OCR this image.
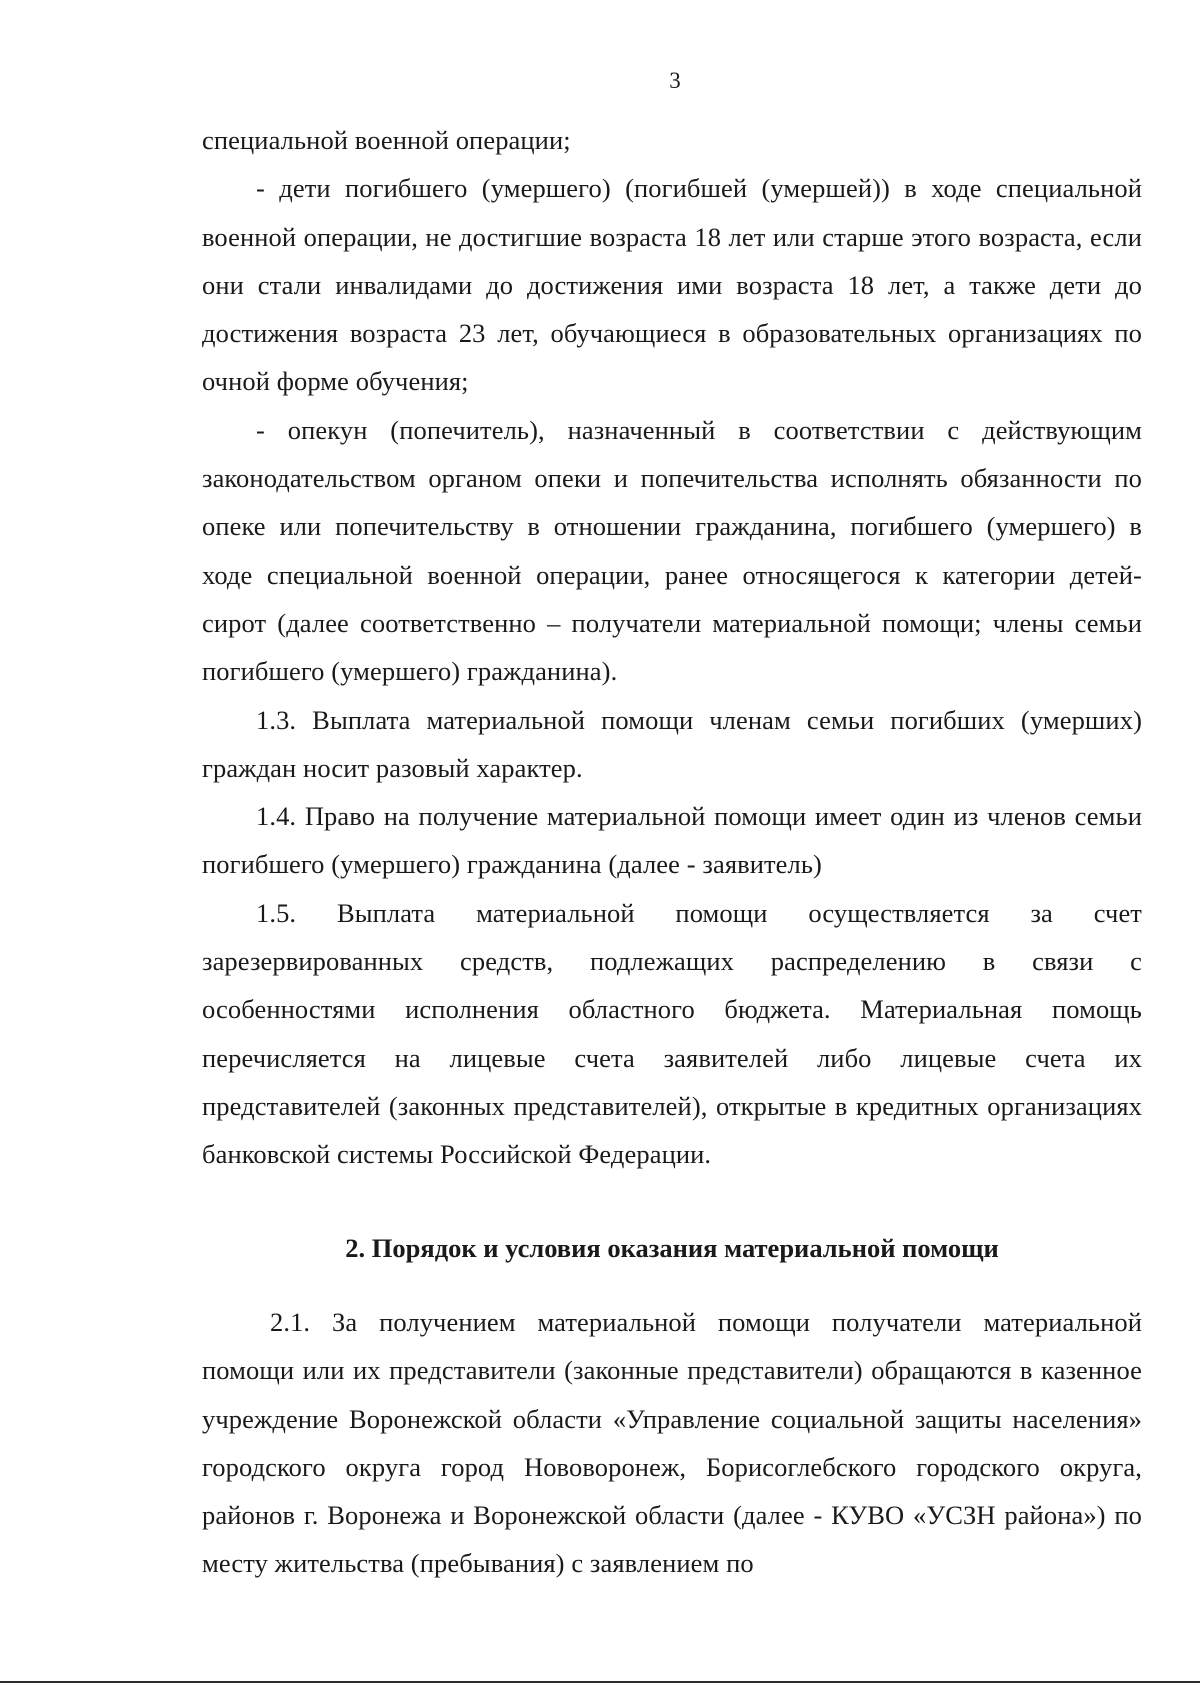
3

специальной военной операции;

- дети погибшего (умершего) (погибшей (умершей)) в ходе специальной военной операции, не достигшие возраста 18 лет или старше этого возраста, если они стали инвалидами до достижения ими возраста 18 лет, а также дети до достижения возраста 23 лет, обучающиеся в образовательных организациях по очной форме обучения;

- опекун (попечитель), назначенный в соответствии с действующим законодательством органом опеки и попечительства исполнять обязанности по опеке или попечительству в отношении гражданина, погибшего (умершего) в ходе специальной военной операции, ранее относящегося к категории детей-сирот (далее соответственно – получатели материальной помощи; члены семьи погибшего (умершего) гражданина).

1.3. Выплата материальной помощи членам семьи погибших (умерших) граждан носит разовый характер.

1.4. Право на получение материальной помощи имеет один из членов семьи погибшего (умершего) гражданина (далее - заявитель)

1.5. Выплата материальной помощи осуществляется за счет зарезервированных средств, подлежащих распределению в связи с особенностями исполнения областного бюджета. Материальная помощь перечисляется на лицевые счета заявителей либо лицевые счета их представителей (законных представителей), открытые в кредитных организациях банковской системы Российской Федерации.

2. Порядок и условия оказания материальной помощи

2.1. За получением материальной помощи получатели материальной помощи или их представители (законные представители) обращаются в казенное учреждение Воронежской области «Управление социальной защиты населения» городского округа город Нововоронеж, Борисоглебского городского округа, районов г. Воронежа и Воронежской области (далее - КУВО «УСЗН района») по месту жительства (пребывания) с заявлением по
